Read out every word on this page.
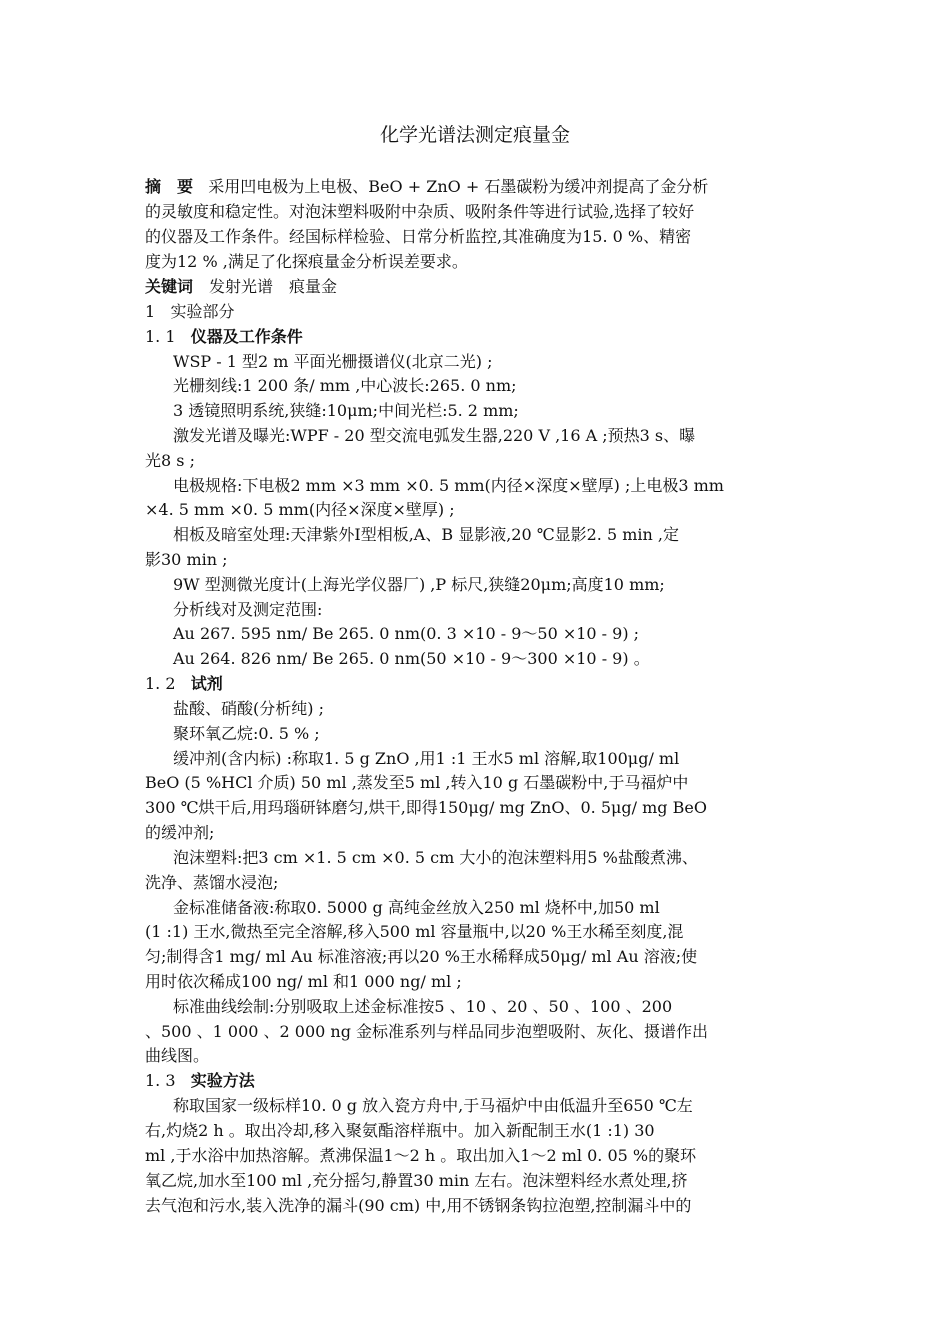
化学光谱法测定痕量金

摘　要 采用凹电极为上电极、BeO + ZnO + 石墨碳粉为缓冲剂提高了金分析

的灵敏度和稳定性。对泡沫塑料吸附中杂质、吸附条件等进行试验,选择了较好

的仪器及工作条件。经国标样检验、日常分析监控,其准确度为15. 0 %、精密

度为12 % ,满足了化探痕量金分析误差要求。

关键词　 发射光谱　痕量金

1 实验部分

1. 1 仪器及工作条件

WSP - 1 型2 m 平面光栅摄谱仪(北京二光) ;

光栅刻线:1 200 条/ mm ,中心波长:265. 0 nm;

3 透镜照明系统,狭缝:10μm;中间光栏:5. 2 mm;

激发光谱及曝光:WPF - 20 型交流电弧发生器,220 V ,16 A ;预热3 s、曝

光8 s ;

电极规格:下电极2 mm ×3 mm ×0. 5 mm(内径×深度×壁厚) ;上电极3 mm

×4. 5 mm ×0. 5 mm(内径×深度×壁厚) ;

相板及暗室处理:天津紫外Ⅰ型相板,A、B 显影液,20 ℃显影2. 5 min ,定

影30 min ;

9W 型测微光度计(上海光学仪器厂) ,P 标尺,狭缝20μm;高度10 mm;

分析线对及测定范围:

Au 267. 595 nm/ Be 265. 0 nm(0. 3 ×10 - 9～50 ×10 - 9) ;

Au 264. 826 nm/ Be 265. 0 nm(50 ×10 - 9～300 ×10 - 9) 。

1. 2 试剂

盐酸、硝酸(分析纯) ;

聚环氧乙烷:0. 5 % ;

缓冲剂(含内标) :称取1. 5 g ZnO ,用1 :1 王水5 ml 溶解,取100μg/ ml

BeO (5 %HCl 介质) 50 ml ,蒸发至5 ml ,转入10 g 石墨碳粉中,于马福炉中

300 ℃烘干后,用玛瑙研钵磨匀,烘干,即得150μg/ mg ZnO、0. 5μg/ mg BeO

的缓冲剂;

泡沫塑料:把3 cm ×1. 5 cm ×0. 5 cm 大小的泡沫塑料用5 %盐酸煮沸、

洗净、蒸馏水浸泡;

金标准储备液:称取0. 5000 g 高纯金丝放入250 ml 烧杯中,加50 ml

(1 :1) 王水,微热至完全溶解,移入500 ml 容量瓶中,以20 %王水稀至刻度,混

匀;制得含1 mg/ ml Au 标准溶液;再以20 %王水稀释成50μg/ ml Au 溶液;使

用时依次稀成100 ng/ ml 和1 000 ng/ ml ;

标准曲线绘制:分别吸取上述金标准按5 、10 、20 、50 、100 、200

、500 、1 000 、2 000 ng 金标准系列与样品同步泡塑吸附、灰化、摄谱作出

曲线图。

1. 3 实验方法

称取国家一级标样10. 0 g 放入瓷方舟中,于马福炉中由低温升至650 ℃左

右,灼烧2 h 。取出冷却,移入聚氨酯溶样瓶中。加入新配制王水(1 :1) 30

ml ,于水浴中加热溶解。煮沸保温1～2 h 。取出加入1～2 ml 0. 05 %的聚环

氧乙烷,加水至100 ml ,充分摇匀,静置30 min 左右。泡沫塑料经水煮处理,挤

去气泡和污水,装入洗净的漏斗(90 cm) 中,用不锈钢条钩拉泡塑,控制漏斗中的
